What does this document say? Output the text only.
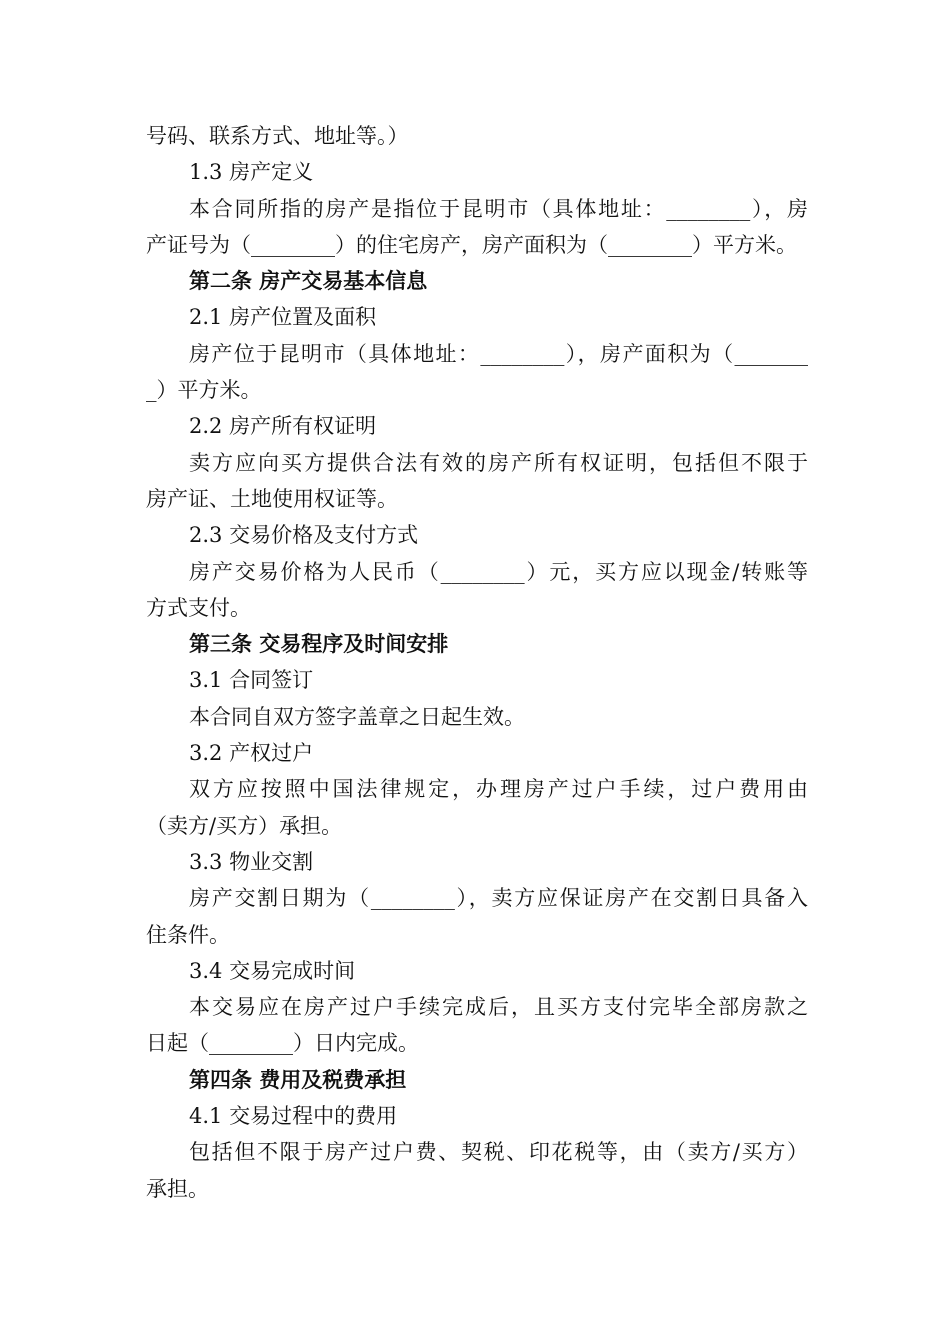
号码、联系方式、地址等。）
1.3 房产定义
本合同所指的房产是指位于昆明市（具体地址：________），房
产证号为（________）的住宅房产，房产面积为（________）平方米。
第二条 房产交易基本信息
2.1 房产位置及面积
房产位于昆明市（具体地址：________），房产面积为（_______
_）平方米。
2.2 房产所有权证明
卖方应向买方提供合法有效的房产所有权证明，包括但不限于
房产证、土地使用权证等。
2.3 交易价格及支付方式
房产交易价格为人民币（________）元，买方应以现金/转账等
方式支付。
第三条 交易程序及时间安排
3.1 合同签订
本合同自双方签字盖章之日起生效。
3.2 产权过户
双方应按照中国法律规定，办理房产过户手续，过户费用由
（卖方/买方）承担。
3.3 物业交割
房产交割日期为（________），卖方应保证房产在交割日具备入
住条件。
3.4 交易完成时间
本交易应在房产过户手续完成后，且买方支付完毕全部房款之
日起（________）日内完成。
第四条 费用及税费承担
4.1 交易过程中的费用
包括但不限于房产过户费、契税、印花税等，由（卖方/买方）
承担。
